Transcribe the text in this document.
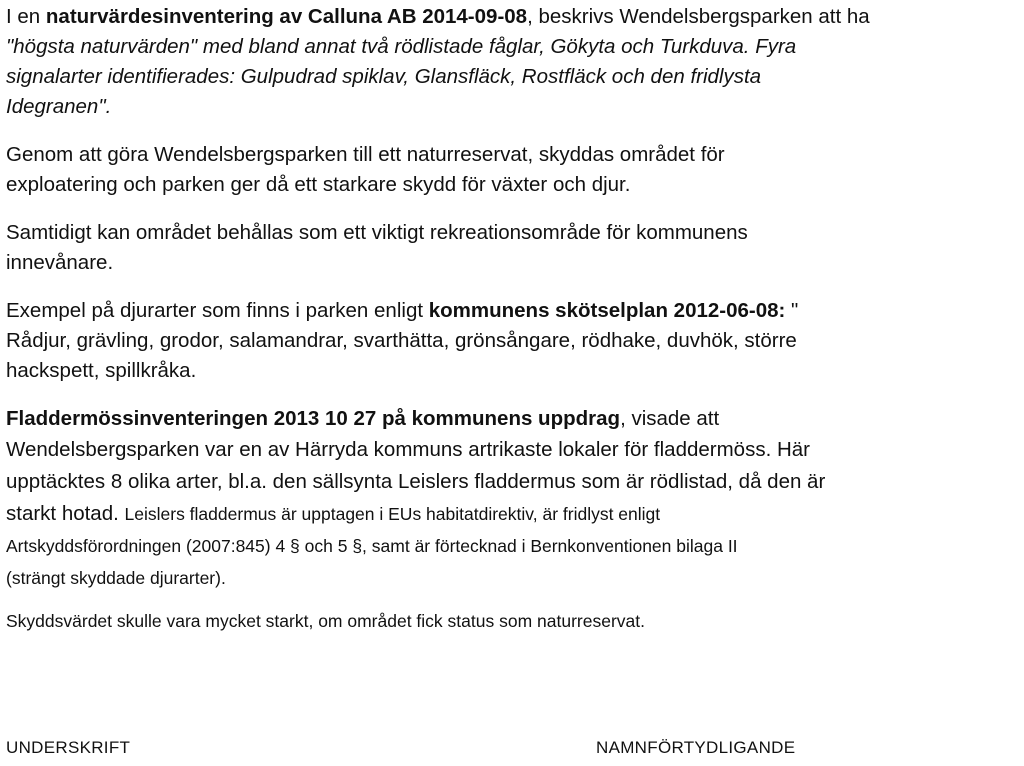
I en naturvärdesinventering av Calluna AB 2014-09-08, beskrivs Wendelsbergsparken att ha
"högsta naturvärden" med bland annat två rödlistade fåglar, Gökyta och Turkduva. Fyra
signalarter identifierades: Gulpudrad spiklav, Glansfläck, Rostfläck och den fridlysta
Idegranen".
Genom att göra Wendelsbergsparken till ett naturreservat, skyddas området för
exploatering och parken ger då ett starkare skydd för växter och djur.
Samtidigt kan området behållas som ett viktigt rekreationsområde för kommunens
innevånare.
Exempel på djurarter som finns i parken enligt kommunens skötselplan 2012-06-08: "
Rådjur, grävling, grodor, salamandrar, svarthätta, grönsångare, rödhake, duvhök, större
hackspett, spillkråka.
Fladdermössinventeringen 2013 10 27 på kommunens uppdrag, visade att
Wendelsbergsparken var en av Härryda kommuns artrikaste lokaler för fladdermöss. Här
upptäcktes 8 olika arter, bl.a. den sällsynta Leislers fladdermus som är rödlistad, då den är
starkt hotad. Leislers fladdermus är upptagen i EUs habitatdirektiv, är fridlyst enligt
Artskyddsförordningen (2007:845) 4 § och 5 §, samt är förtecknad i Bernkonventionen bilaga II
(strängt skyddade djurarter).
Skyddsvärdet skulle vara mycket starkt, om området fick status som naturreservat.
UNDERSKRIFT	NAMNFÖRTYDLIGANDE
